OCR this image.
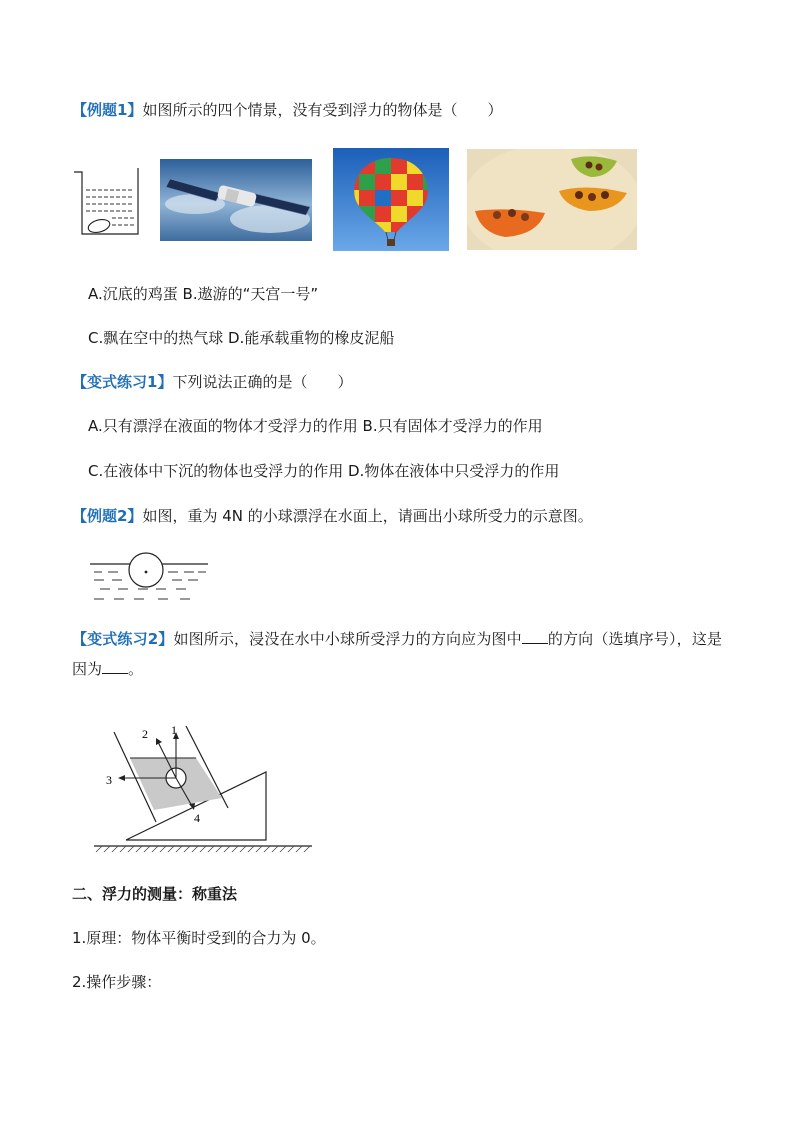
【例题1】如图所示的四个情景，没有受到浮力的物体是（　　）
A.沉底的鸡蛋 B.遨游的“天宫一号”
C.飘在空中的热气球 D.能承载重物的橡皮泥船
【变式练习1】下列说法正确的是（　　）
A.只有漂浮在液面的物体才受浮力的作用 B.只有固体才受浮力的作用
C.在液体中下沉的物体也受浮力的作用 D.物体在液体中只受浮力的作用
【例题2】如图，重为 4N 的小球漂浮在水面上，请画出小球所受力的示意图。
【变式练习2】如图所示，浸没在水中小球所受浮力的方向应为图中 的方向（选填序号），这是因为 。
1
2
3
4
二、浮力的测量：称重法
1.原理：物体平衡时受到的合力为 0。
2.操作步骤：
